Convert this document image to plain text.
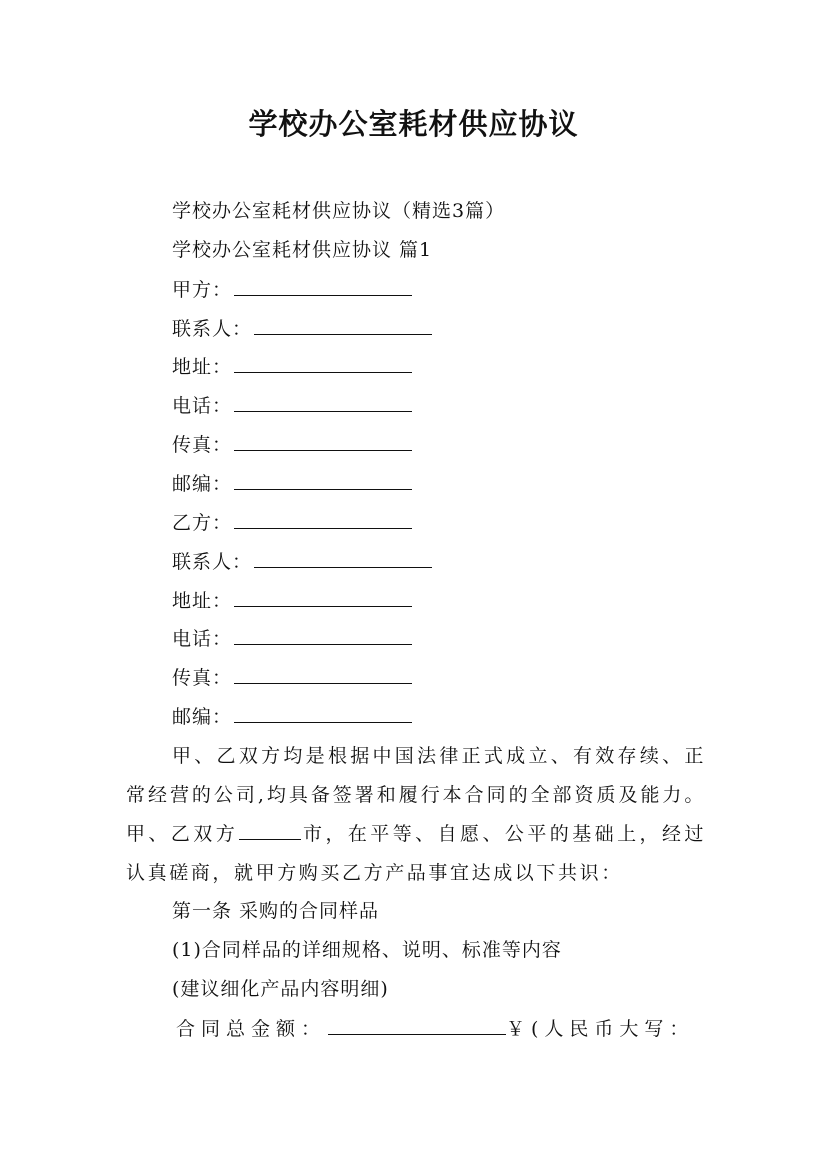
学校办公室耗材供应协议
学校办公室耗材供应协议（精选3篇）
学校办公室耗材供应协议 篇1
甲方：
联系人：
地址：
电话：
传真：
邮编：
乙方：
联系人：
地址：
电话：
传真：
邮编：
甲、乙双方均是根据中国法律正式成立、有效存续、正常经营的公司,均具备签署和履行本合同的全部资质及能力。甲、乙双方	市，在平等、自愿、公平的基础上，经过认真磋商，就甲方购买乙方产品事宜达成以下共识：
第一条 采购的合同样品
(1)合同样品的详细规格、说明、标准等内容
(建议细化产品内容明细)
合同总金额：	￥(人民币大写：
